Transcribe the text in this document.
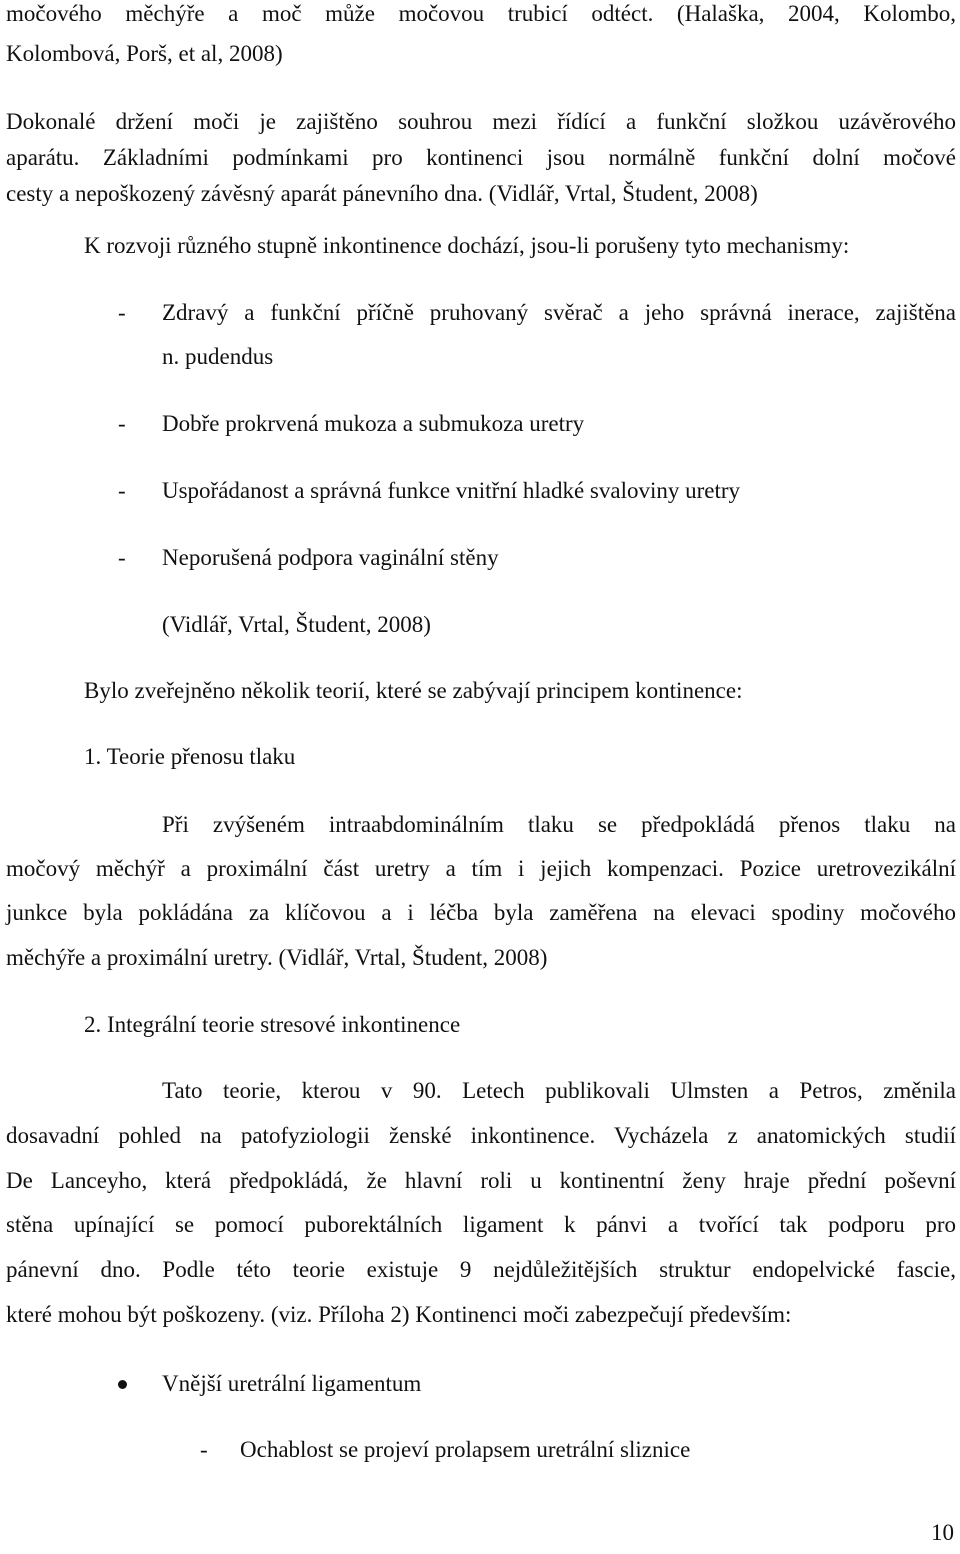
močového měchýře a moč může močovou trubicí odtéct. (Halaška, 2004, Kolombo,

Kolombová, Porš, et al, 2008)

Dokonalé držení moči je zajištěno souhrou mezi řídící a funkční složkou uzávěrového

aparátu. Základními podmínkami pro kontinenci jsou normálně funkční dolní močové

cesty a nepoškozený závěsný aparát pánevního dna. (Vidlář, Vrtal, Študent, 2008)

K rozvoji různého stupně inkontinence dochází, jsou-li porušeny tyto mechanismy:

- Zdravý a funkční příčně pruhovaný svěrač a jeho správná inerace, zajištěna

n. pudendus

- Dobře prokrvená mukoza a submukoza uretry

- Uspořádanost a správná funkce vnitřní hladké svaloviny uretry

- Neporušená podpora vaginální stěny

(Vidlář, Vrtal, Študent, 2008)

Bylo zveřejněno několik teorií, které se zabývají principem kontinence:

1. Teorie přenosu tlaku

Při zvýšeném intraabdominálním tlaku se předpokládá přenos tlaku na

močový měchýř a proximální část uretry a tím i jejich kompenzaci. Pozice uretrovezikální

junkce byla pokládána za klíčovou a i léčba byla zaměřena na elevaci spodiny močového

měchýře a proximální uretry. (Vidlář, Vrtal, Študent, 2008)

2. Integrální teorie stresové inkontinence

Tato teorie, kterou v 90. Letech publikovali Ulmsten a Petros, změnila

dosavadní pohled na patofyziologii ženské inkontinence. Vycházela z anatomických studií

De Lanceyho, která předpokládá, že hlavní roli u kontinentní ženy hraje přední poševní

stěna upínající se pomocí puborektálních ligament k pánvi a tvořící tak podporu pro

pánevní dno. Podle této teorie existuje 9 nejdůležitějších struktur endopelvické fascie,

které mohou být poškozeny. (viz. Příloha 2) Kontinenci moči zabezpečují především:

Vnější uretrální ligamentum

- Ochablost se projeví prolapsem uretrální sliznice

10
